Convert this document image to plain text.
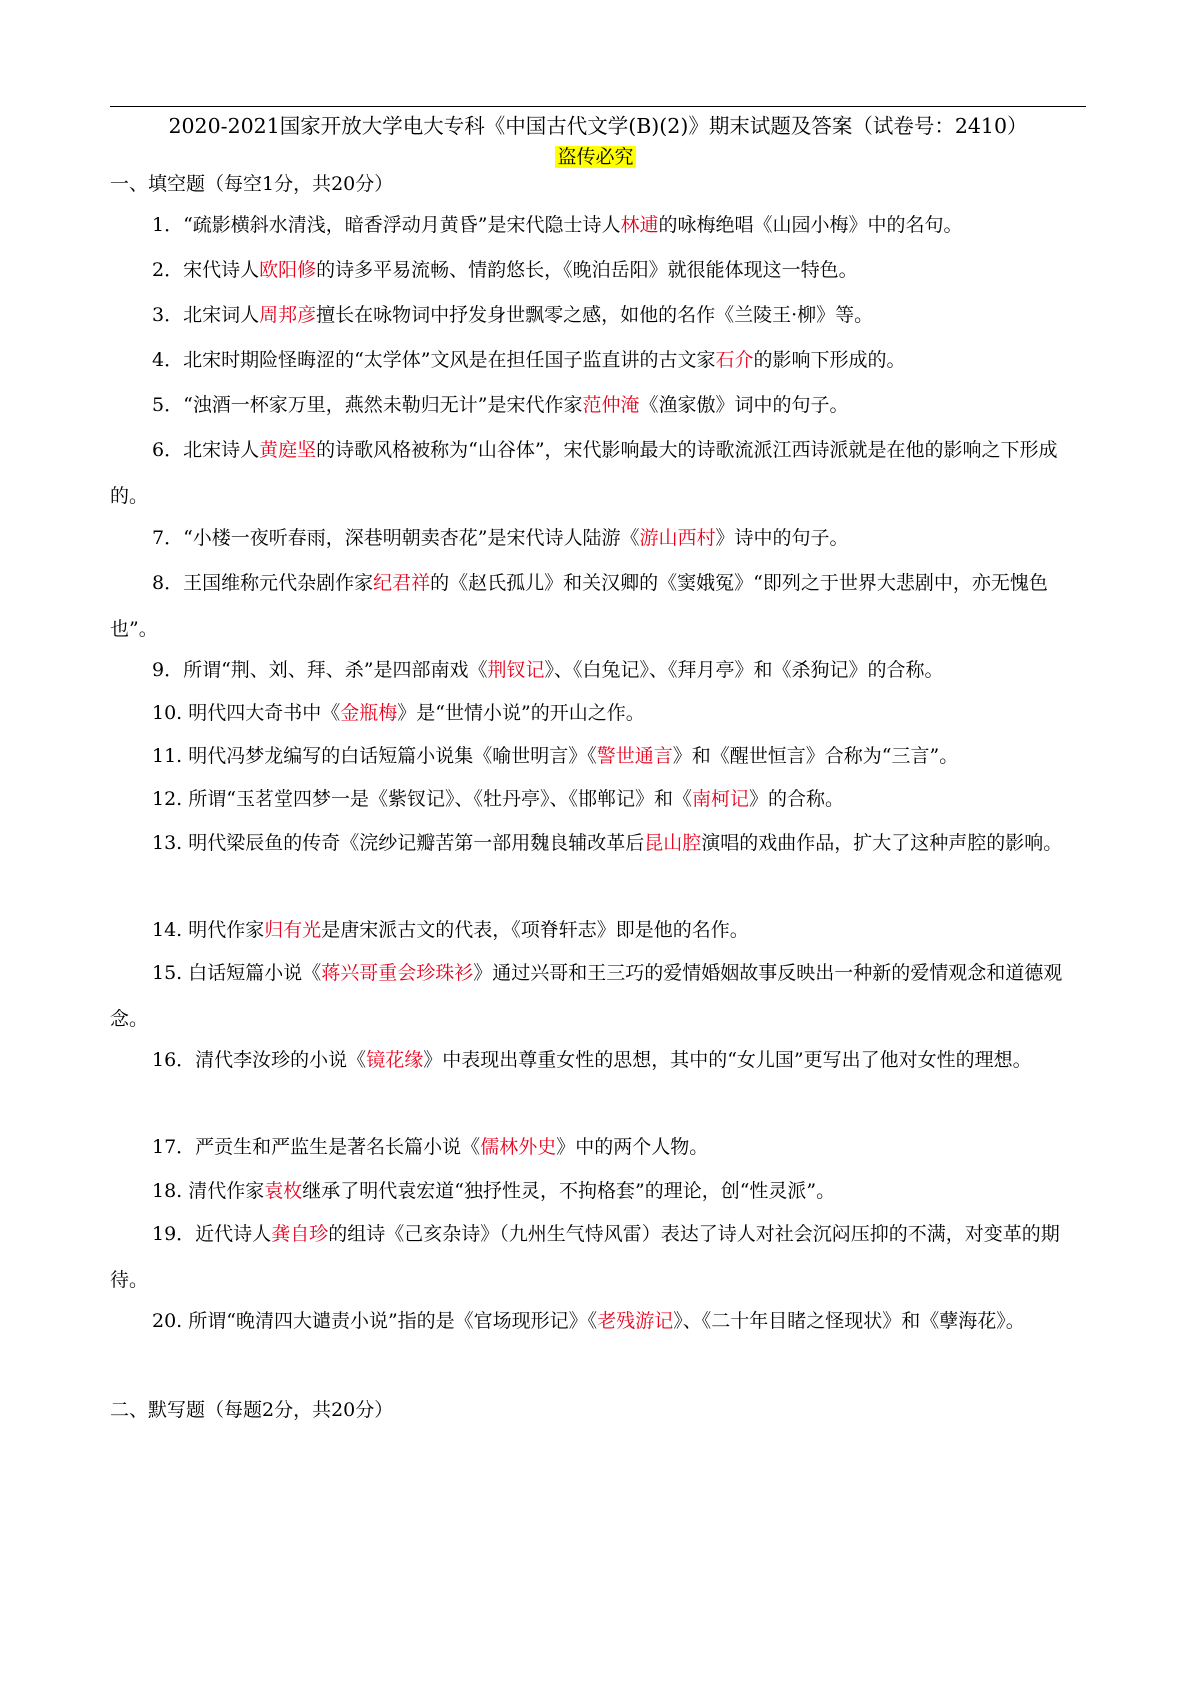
2020-2021国家开放大学电大专科《中国古代文学(B)(2)》期末试题及答案（试卷号：2410）
盗传必究
一、填空题（每空1分，共20分）
1．“疏影横斜水清浅，暗香浮动月黄昏”是宋代隐士诗人林逋的咏梅绝唱《山园小梅》中的名句。
2．宋代诗人欧阳修的诗多平易流畅、情韵悠长，《晚泊岳阳》就很能体现这一特色。
3．北宋词人周邦彦擅长在咏物词中抒发身世飘零之感，如他的名作《兰陵王·柳》等。
4．北宋时期险怪晦涩的“太学体”文风是在担任国子监直讲的古文家石介的影响下形成的。
5．“浊酒一杯家万里，燕然未勒归无计”是宋代作家范仲淹《渔家傲》词中的句子。
6．北宋诗人黄庭坚的诗歌风格被称为“山谷体”，宋代影响最大的诗歌流派江西诗派就是在他的影响之下形成的。
7．“小楼一夜听春雨，深巷明朝卖杏花”是宋代诗人陆游《游山西村》诗中的句子。
8．王国维称元代杂剧作家纪君祥的《赵氏孤儿》和关汉卿的《窦娥冤》“即列之于世界大悲剧中，亦无愧色也”。
9．所谓“荆、刘、拜、杀”是四部南戏《荆钗记》、《白兔记》、《拜月亭》和《杀狗记》的合称。
10. 明代四大奇书中《金瓶梅》是“世情小说”的开山之作。
11. 明代冯梦龙编写的白话短篇小说集《喻世明言》《警世通言》和《醒世恒言》合称为“三言”。
12. 所谓“玉茗堂四梦一是《紫钗记》、《牡丹亭》、《邯郸记》和《南柯记》的合称。
13. 明代梁辰鱼的传奇《浣纱记瓣苦第一部用魏良辅改革后昆山腔演唱的戏曲作品，扩大了这种声腔的影响。
14. 明代作家归有光是唐宋派古文的代表，《项脊轩志》即是他的名作。
15. 白话短篇小说《蒋兴哥重会珍珠衫》通过兴哥和王三巧的爱情婚姻故事反映出一种新的爱情观念和道德观念。
16．清代李汝珍的小说《镜花缘》中表现出尊重女性的思想，其中的“女儿国”更写出了他对女性的理想。
17．严贡生和严监生是著名长篇小说《儒林外史》中的两个人物。
18. 清代作家袁枚继承了明代袁宏道“独抒性灵，不拘格套”的理论，创“性灵派”。
19．近代诗人龚自珍的组诗《己亥杂诗》（九州生气恃风雷）表达了诗人对社会沉闷压抑的不满，对变革的期待。
20. 所谓“晚清四大谴责小说”指的是《官场现形记》《老残游记》、《二十年目睹之怪现状》和《孽海花》。
二、默写题（每题2分，共20分）
